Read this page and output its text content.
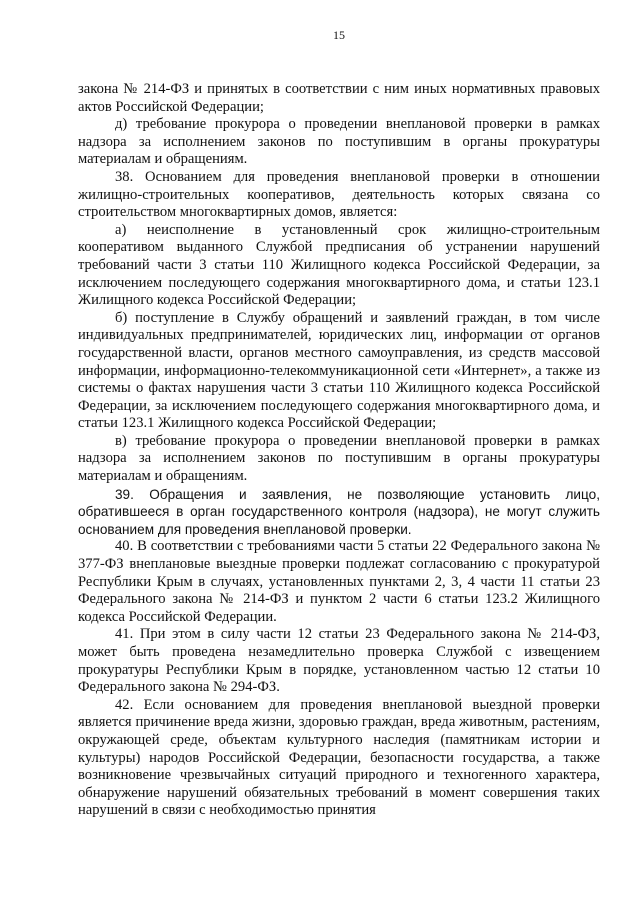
15

закона № 214-ФЗ и принятых в соответствии с ним иных нормативных правовых актов Российской Федерации;

д) требование прокурора о проведении внеплановой проверки в рамках надзора за исполнением законов по поступившим в органы прокуратуры материалам и обращениям.

38. Основанием для проведения внеплановой проверки в отношении жилищно-строительных кооперативов, деятельность которых связана со строительством многоквартирных домов, является:

а) неисполнение в установленный срок жилищно-строительным кооперативом выданного Службой предписания об устранении нарушений требований части 3 статьи 110 Жилищного кодекса Российской Федерации, за исключением последующего содержания многоквартирного дома, и статьи 123.1 Жилищного кодекса Российской Федерации;

б) поступление в Службу обращений и заявлений граждан, в том числе индивидуальных предпринимателей, юридических лиц, информации от органов государственной власти, органов местного самоуправления, из средств массовой информации, информационно-телекоммуникационной сети «Интернет», а также из системы о фактах нарушения части 3 статьи 110 Жилищного кодекса Российской Федерации, за исключением последующего содержания многоквартирного дома, и статьи 123.1 Жилищного кодекса Российской Федерации;

в) требование прокурора о проведении внеплановой проверки в рамках надзора за исполнением законов по поступившим в органы прокуратуры материалам и обращениям.

39. Обращения и заявления, не позволяющие установить лицо, обратившееся в орган государственного контроля (надзора), не могут служить основанием для проведения внеплановой проверки.

40. В соответствии с требованиями части 5 статьи 22 Федерального закона № 377-ФЗ внеплановые выездные проверки подлежат согласованию с прокуратурой Республики Крым в случаях, установленных пунктами 2, 3, 4 части 11 статьи 23 Федерального закона № 214-ФЗ и пунктом 2 части 6 статьи 123.2 Жилищного кодекса Российской Федерации.

41. При этом в силу части 12 статьи 23 Федерального закона № 214-ФЗ, может быть проведена незамедлительно проверка Службой с извещением прокуратуры Республики Крым в порядке, установленном частью 12 статьи 10 Федерального закона № 294-ФЗ.

42. Если основанием для проведения внеплановой выездной проверки является причинение вреда жизни, здоровью граждан, вреда животным, растениям, окружающей среде, объектам культурного наследия (памятникам истории и культуры) народов Российской Федерации, безопасности государства, а также возникновение чрезвычайных ситуаций природного и техногенного характера, обнаружение нарушений обязательных требований в момент совершения таких нарушений в связи с необходимостью принятия
